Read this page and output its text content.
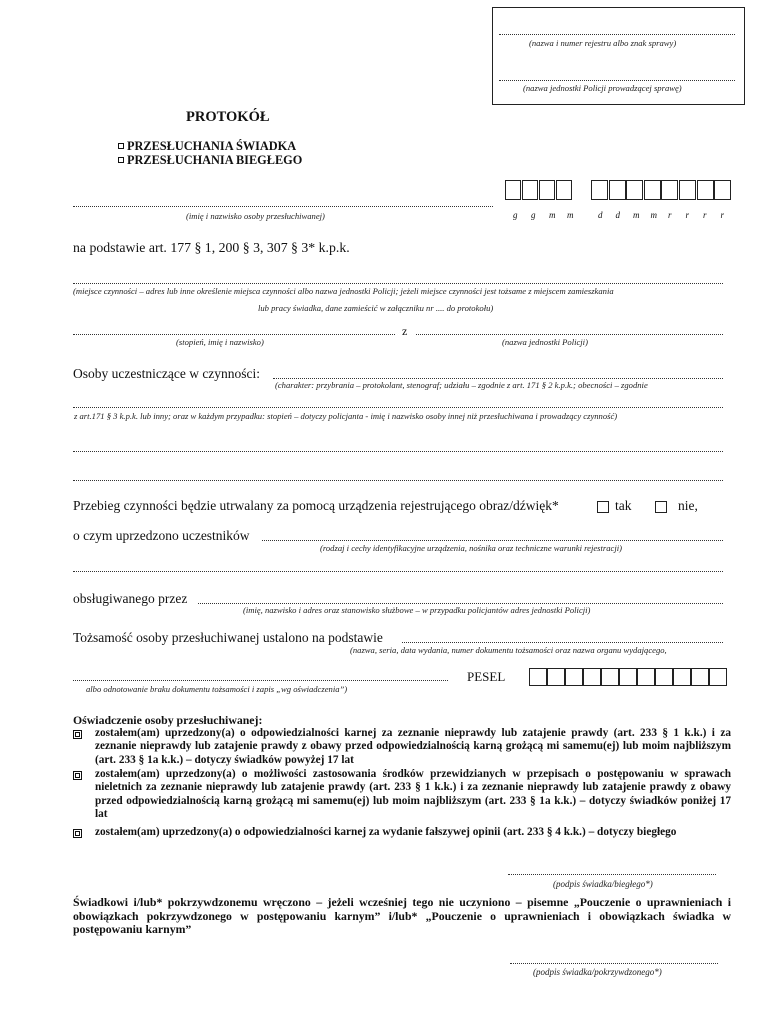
(nazwa i numer rejestru albo znak sprawy)
(nazwa jednostki Policji prowadzącej sprawę)
PROTOKÓŁ
PRZESŁUCHANIA ŚWIADKA
PRZESŁUCHANIA BIEGŁEGO
(imię i nazwisko osoby przesłuchiwanej)	g g m m	d d m m r r r r
na podstawie art. 177 § 1, 200 § 3, 307 § 3* k.p.k.
(miejsce czynności – adres lub inne określenie miejsca czynności albo nazwa jednostki Policji; jeżeli miejsce czynności jest tożsame z miejscem zamieszkania
lub pracy świadka, dane zamieścić w załączniku nr .... do protokołu)
z
(stopień, imię i nazwisko)	(nazwa jednostki Policji)
Osoby uczestniczące w czynności:
(charakter: przybrania – protokolant, stenograf; udziału – zgodnie z art. 171 § 2 k.p.k.; obecności – zgodnie
z art.171 § 3 k.p.k. lub inny; oraz w każdym przypadku: stopień – dotyczy policjanta - imię i nazwisko osoby innej niż przesłuchiwana i prowadzący czynność)
Przebieg czynności będzie utrwalany za pomocą urządzenia rejestrującego obraz/dźwięk*	tak	nie,
o czym uprzedzono uczestników
(rodzaj i cechy identyfikacyjne urządzenia, nośnika oraz techniczne warunki rejestracji)
obsługiwanego przez
(imię, nazwisko i adres oraz stanowisko służbowe – w przypadku policjantów adres jednostki Policji)
Tożsamość osoby przesłuchiwanej ustalono na podstawie
(nazwa, seria, data wydania, numer dokumentu tożsamości oraz nazwa organu wydającego,
albo odnotowanie braku dokumentu tożsamości i zapis „wg oświadczenia”)
PESEL
Oświadczenie osoby przesłuchiwanej:
zostałem(am) uprzedzony(a) o odpowiedzialności karnej za zeznanie nieprawdy lub zatajenie prawdy (art. 233 § 1 k.k.) i za zeznanie nieprawdy lub zatajenie prawdy z obawy przed odpowiedzialnością karną grożącą mi samemu(ej) lub moim najbliższym (art. 233 § 1a k.k.) – dotyczy świadków powyżej 17 lat
zostałem(am) uprzedzony(a) o możliwości zastosowania środków przewidzianych w przepisach o postępowaniu w sprawach nieletnich za zeznanie nieprawdy lub zatajenie prawdy (art. 233 § 1 k.k.) i za zeznanie nieprawdy lub zatajenie prawdy z obawy przed odpowiedzialnością karną grożącą mi samemu(ej) lub moim najbliższym (art. 233 § 1a k.k.) – dotyczy świadków poniżej 17 lat
zostałem(am) uprzedzony(a) o odpowiedzialności karnej za wydanie fałszywej opinii (art. 233 § 4 k.k.) – dotyczy biegłego
(podpis świadka/biegłego*)
Świadkowi i/lub* pokrzywdzonemu wręczono – jeżeli wcześniej tego nie uczyniono – pisemne „Pouczenie o uprawnieniach i obowiązkach pokrzywdzonego w postępowaniu karnym” i/lub* „Pouczenie o uprawnieniach i obowiązkach świadka w postępowaniu karnym”
(podpis świadka/pokrzywdzonego*)
